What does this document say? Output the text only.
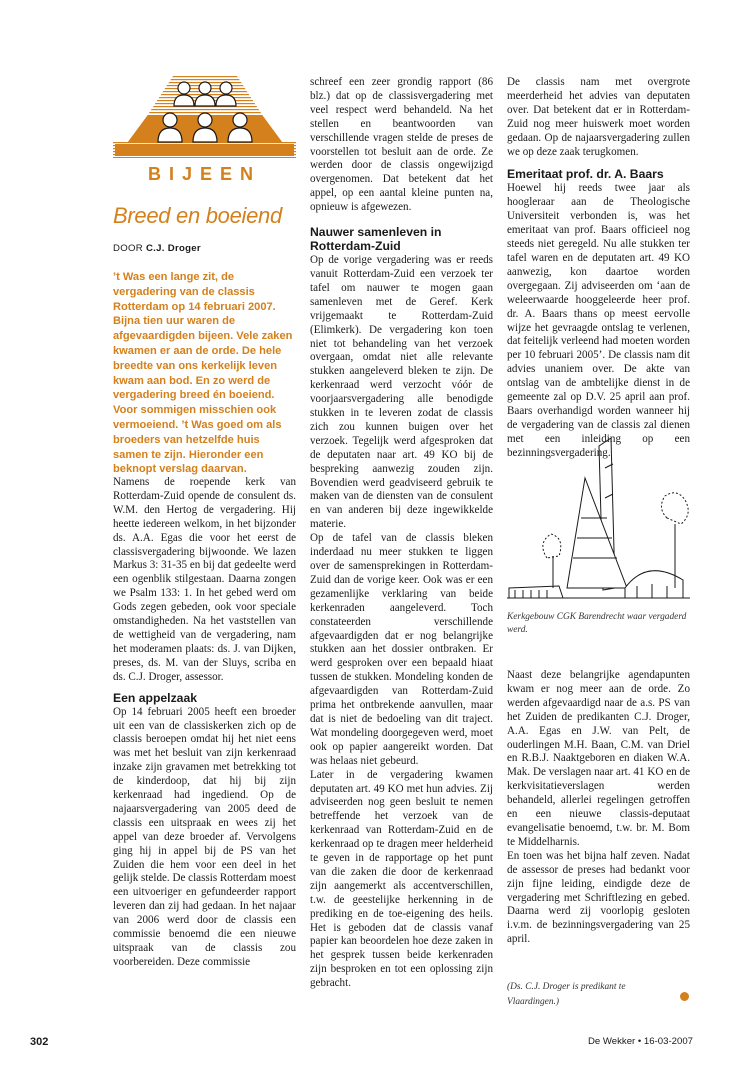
BIJEEN
Breed en boeiend
DOOR C.J. Droger
’t Was een lange zit, de vergadering van de classis Rotterdam op 14 februari 2007. Bijna tien uur waren de afgevaardigden bijeen. Vele zaken kwamen er aan de orde. De hele breedte van ons kerkelijk leven kwam aan bod. En zo werd de vergadering breed én boeiend. Voor sommigen misschien ook vermoeiend. ’t Was goed om als broeders van hetzelfde huis samen te zijn. Hieronder een beknopt verslag daarvan.

Namens de roepende kerk van Rotterdam-Zuid opende de consulent ds. W.M. den Hertog de vergadering. Hij heette iedereen welkom, in het bijzonder ds. A.A. Egas die voor het eerst de classisvergadering bijwoonde. We lazen Markus 3: 31-35 en bij dat gedeelte werd een ogenblik stilgestaan. Daarna zongen we Psalm 133: 1. In het gebed werd om Gods zegen gebeden, ook voor speciale omstandigheden. Na het vaststellen van de wettigheid van de vergadering, nam het moderamen plaats: ds. J. van Dijken, preses, ds. M. van der Sluys, scriba en ds. C.J. Droger, assessor.

Een appelzaak

Op 14 februari 2005 heeft een broeder uit een van de classiskerken zich op de classis beroepen omdat hij het niet eens was met het besluit van zijn kerkenraad inzake zijn gravamen met betrekking tot de kinderdoop, dat hij bij zijn kerkenraad had ingediend. Op de najaarsvergadering van 2005 deed de classis een uitspraak en wees zij het appel van deze broeder af. Vervolgens ging hij in appel bij de PS van het Zuiden die hem voor een deel in het gelijk stelde. De classis Rotterdam moest een uitvoeriger en gefundeerder rapport leveren dan zij had gedaan. In het najaar van 2006 werd door de classis een commissie benoemd die een nieuwe uitspraak van de classis zou voorbereiden. Deze commissie

schreef een zeer grondig rapport (86 blz.) dat op de classisvergadering met veel respect werd behandeld. Na het stellen en beantwoorden van verschillende vragen stelde de preses de voorstellen tot besluit aan de orde. Ze werden door de classis ongewijzigd overgenomen. Dat betekent dat het appel, op een aantal kleine punten na, opnieuw is afgewezen.

Nauwer samenleven in Rotterdam-Zuid

Op de vorige vergadering was er reeds vanuit Rotterdam-Zuid een verzoek ter tafel om nauwer te mogen gaan samenleven met de Geref. Kerk vrijgemaakt te Rotterdam-Zuid (Elimkerk). De vergadering kon toen niet tot behandeling van het verzoek overgaan, omdat niet alle relevante stukken aangeleverd bleken te zijn. De kerkenraad werd verzocht vóór de voorjaarsvergadering alle benodigde stukken in te leveren zodat de classis zich zou kunnen buigen over het verzoek. Tegelijk werd afgesproken dat de deputaten naar art. 49 KO bij de bespreking aanwezig zouden zijn. Bovendien werd geadviseerd gebruik te maken van de diensten van de consulent en van anderen bij deze ingewikkelde materie.

Op de tafel van de classis bleken inderdaad nu meer stukken te liggen over de samensprekingen in Rotterdam-Zuid dan de vorige keer. Ook was er een gezamenlijke verklaring van beide kerkenraden aangeleverd. Toch constateerden verschillende afgevaardigden dat er nog belangrijke stukken aan het dossier ontbraken. Er werd gesproken over een bepaald hiaat tussen de stukken. Mondeling konden de afgevaardigden van Rotterdam-Zuid prima het ontbrekende aanvullen, maar dat is niet de bedoeling van dit traject. Wat mondeling doorgegeven werd, moet ook op papier aangereikt worden. Dat was helaas niet gebeurd.

Later in de vergadering kwamen deputaten art. 49 KO met hun advies. Zij adviseerden nog geen besluit te nemen betreffende het verzoek van de kerkenraad van Rotterdam-Zuid en de kerkenraad op te dragen meer helderheid te geven in de rapportage op het punt van die zaken die door de kerkenraad zijn aangemerkt als accentverschillen, t.w. de geestelijke herkenning in de prediking en de toe-eigening des heils. Het is geboden dat de classis vanaf papier kan beoordelen hoe deze zaken in het gesprek tussen beide kerkenraden zijn besproken en tot een oplossing zijn gebracht.

De classis nam met overgrote meerderheid het advies van deputaten over. Dat betekent dat er in Rotterdam-Zuid nog meer huiswerk moet worden gedaan. Op de najaarsvergadering zullen we op deze zaak terugkomen.

Emeritaat prof. dr. A. Baars

Hoewel hij reeds twee jaar als hoogleraar aan de Theologische Universiteit verbonden is, was het emeritaat van prof. Baars officieel nog steeds niet geregeld. Nu alle stukken ter tafel waren en de deputaten art. 49 KO aanwezig, kon daartoe worden overgegaan. Zij adviseerden om ‘aan de weleerwaarde hooggeleerde heer prof. dr. A. Baars thans op meest eervolle wijze het gevraagde ontslag te verlenen, dat feitelijk verleend had moeten worden per 10 februari 2005’. De classis nam dit advies unaniem over. De akte van ontslag van de ambtelijke dienst in de gemeente zal op D.V. 25 april aan prof. Baars overhandigd worden wanneer hij de vergadering van de classis zal dienen met een inleiding op een bezinningsvergadering.

Kerkgebouw CGK Barendrecht waar vergaderd werd.

Naast deze belangrijke agendapunten kwam er nog meer aan de orde. Zo werden afgevaardigd naar de a.s. PS van het Zuiden de predikanten C.J. Droger, A.A. Egas en J.W. van Pelt, de ouderlingen M.H. Baan, C.M. van Driel en R.B.J. Naaktgeboren en diaken W.A. Mak. De verslagen naar art. 41 KO en de kerkvisitatieverslagen werden behandeld, allerlei regelingen getroffen en een nieuwe classis-deputaat evangelisatie benoemd, t.w. br. M. Bom te Middelharnis.

En toen was het bijna half zeven. Nadat de assessor de preses had bedankt voor zijn fijne leiding, eindigde deze de vergadering met Schriftlezing en gebed. Daarna werd zij voorlopig gesloten i.v.m. de bezinningsvergadering van 25 april.

(Ds. C.J. Droger is predikant te Vlaardingen.)
302	De Wekker • 16-03-2007
